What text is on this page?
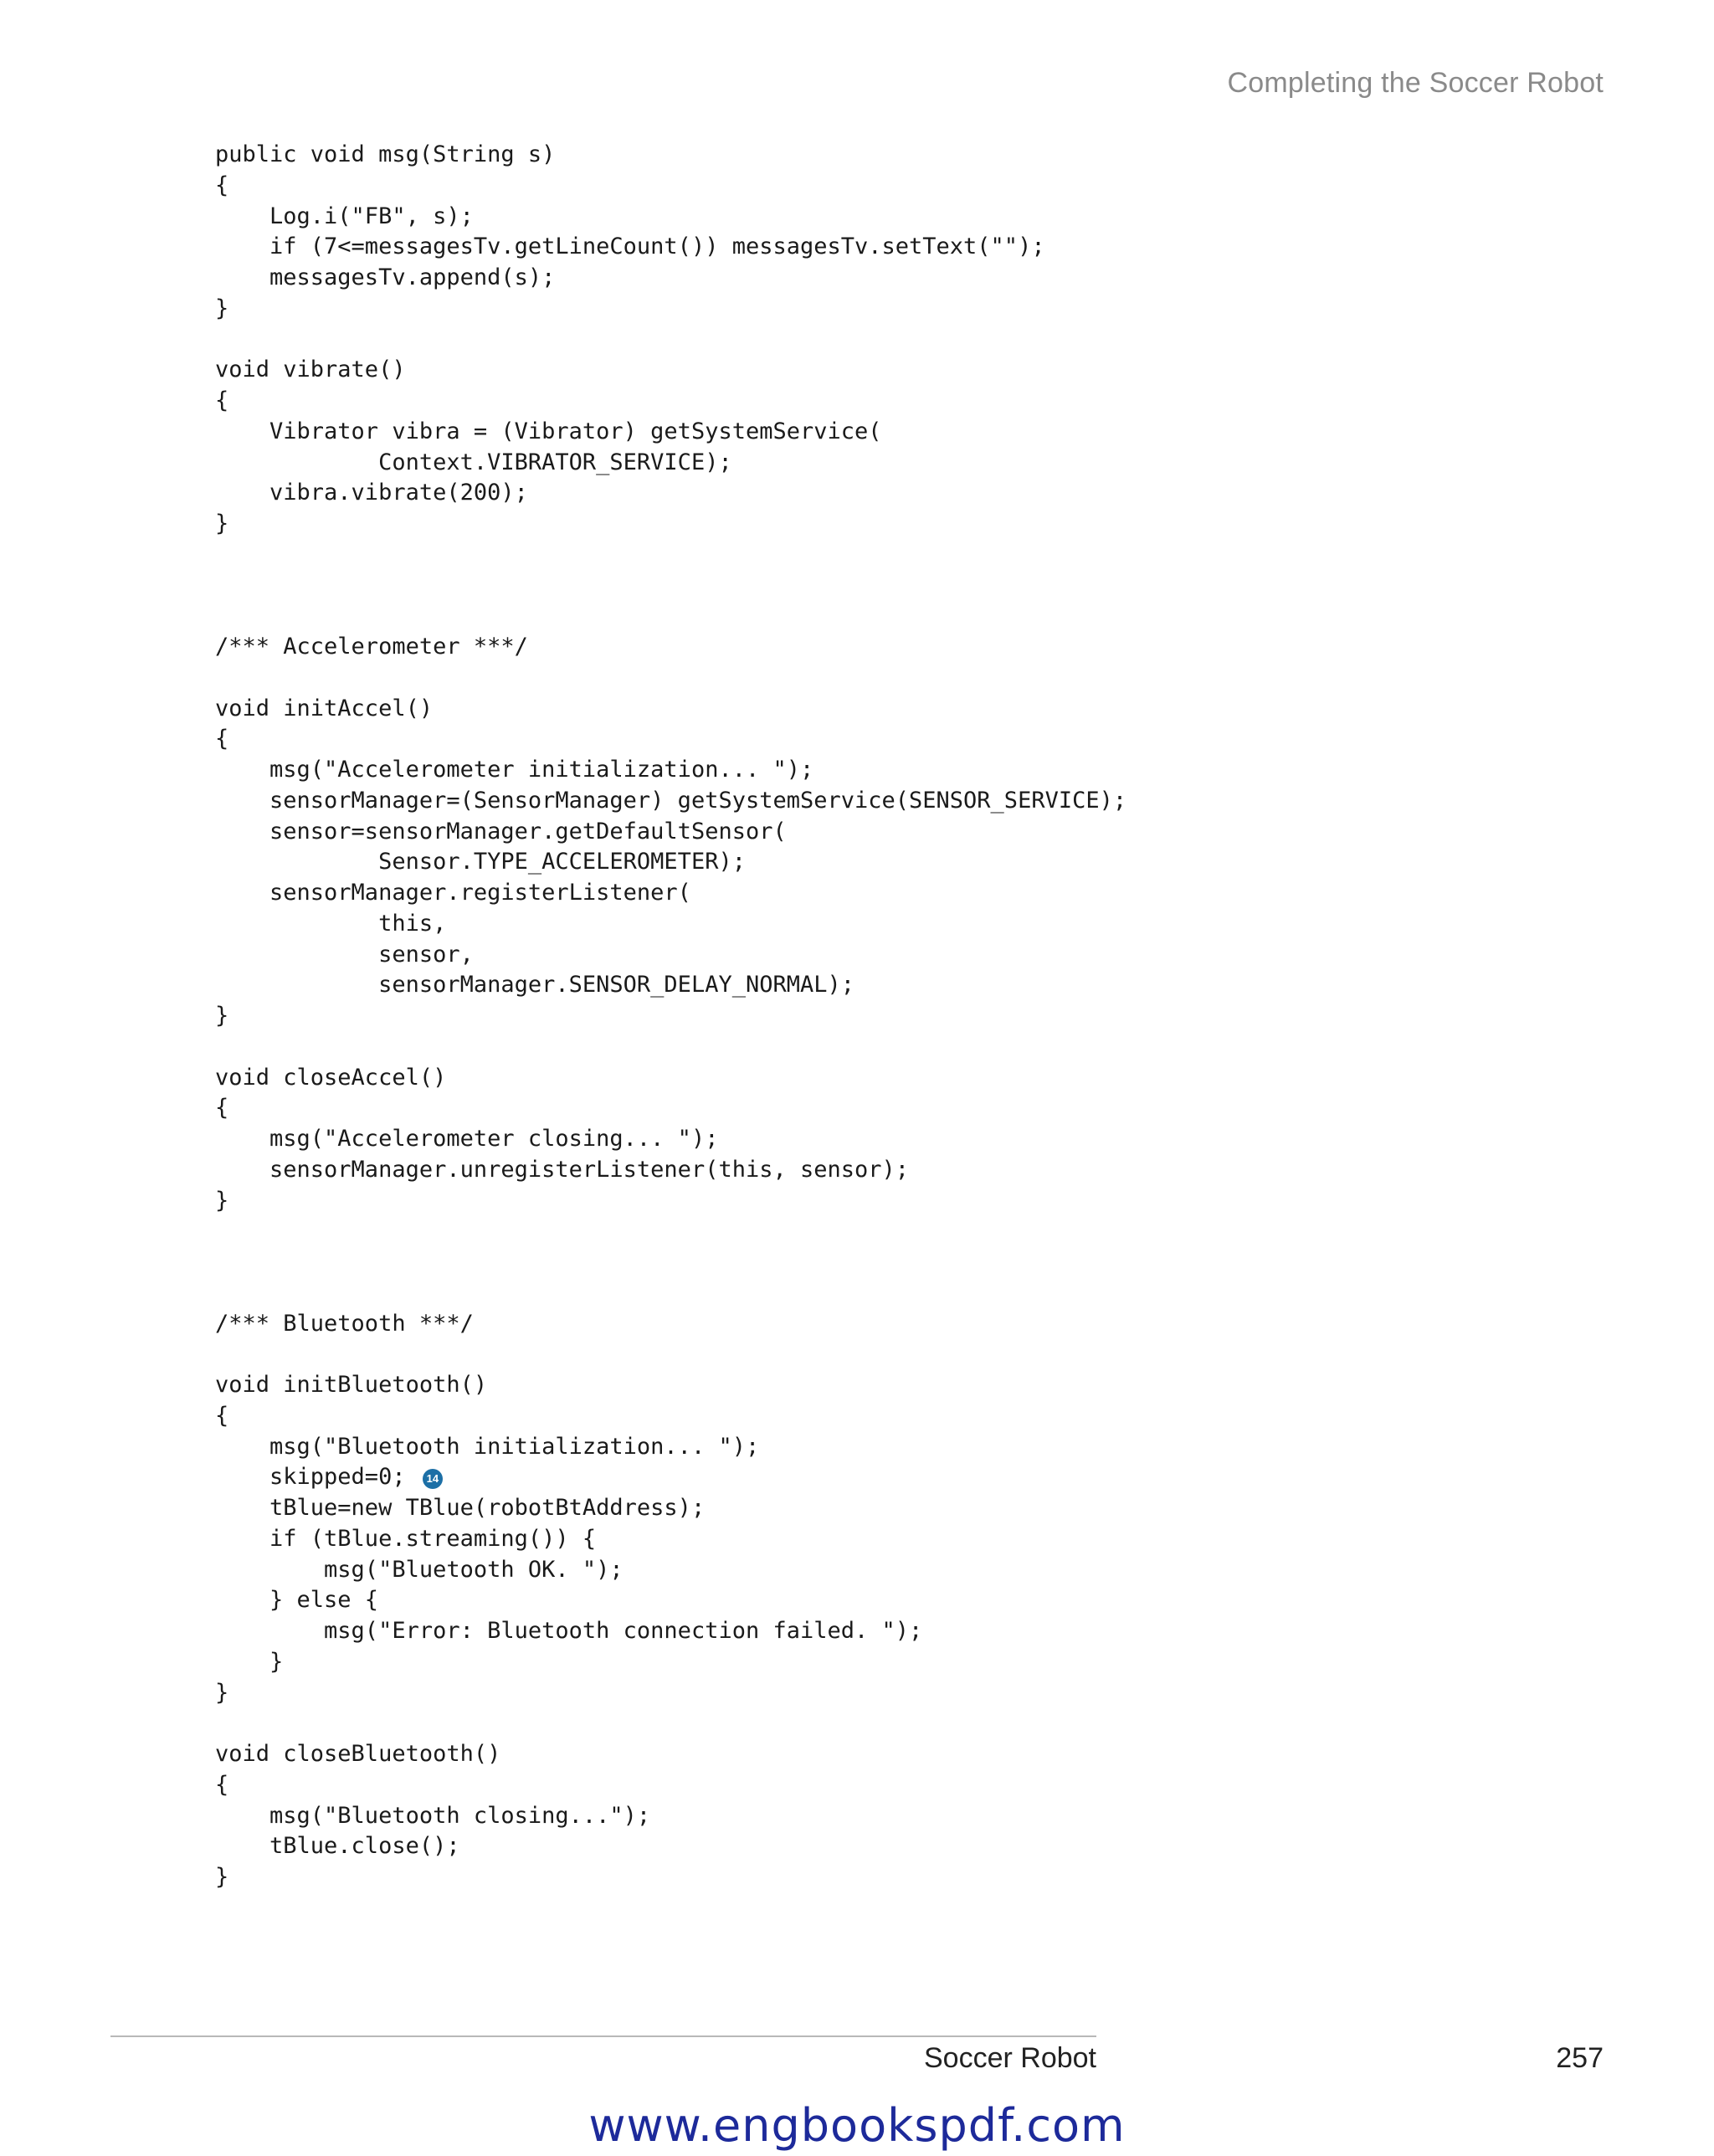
Completing the Soccer Robot
public void msg(String s)
{
Log.i("FB", s);
if (7<=messagesTv.getLineCount()) messagesTv.setText("");
messagesTv.append(s);
}
void vibrate()
{
Vibrator vibra = (Vibrator) getSystemService(
Context.VIBRATOR_SERVICE);
vibra.vibrate(200);
}
/*** Accelerometer ***/
void initAccel()
{
msg("Accelerometer initialization... ");
sensorManager=(SensorManager) getSystemService(SENSOR_SERVICE);
sensor=sensorManager.getDefaultSensor(
Sensor.TYPE_ACCELEROMETER);
sensorManager.registerListener(
this,
sensor,
sensorManager.SENSOR_DELAY_NORMAL);
}
void closeAccel()
{
msg("Accelerometer closing... ");
sensorManager.unregisterListener(this, sensor);
}
/*** Bluetooth ***/
void initBluetooth()
{
msg("Bluetooth initialization... ");
skipped=0; 14
tBlue=new TBlue(robotBtAddress);
if (tBlue.streaming()) {
msg("Bluetooth OK. ");
} else {
msg("Error: Bluetooth connection failed. ");
}
}
void closeBluetooth()
{
msg("Bluetooth closing...");
tBlue.close();
}
Soccer Robot	257
www.engbookspdf.com
